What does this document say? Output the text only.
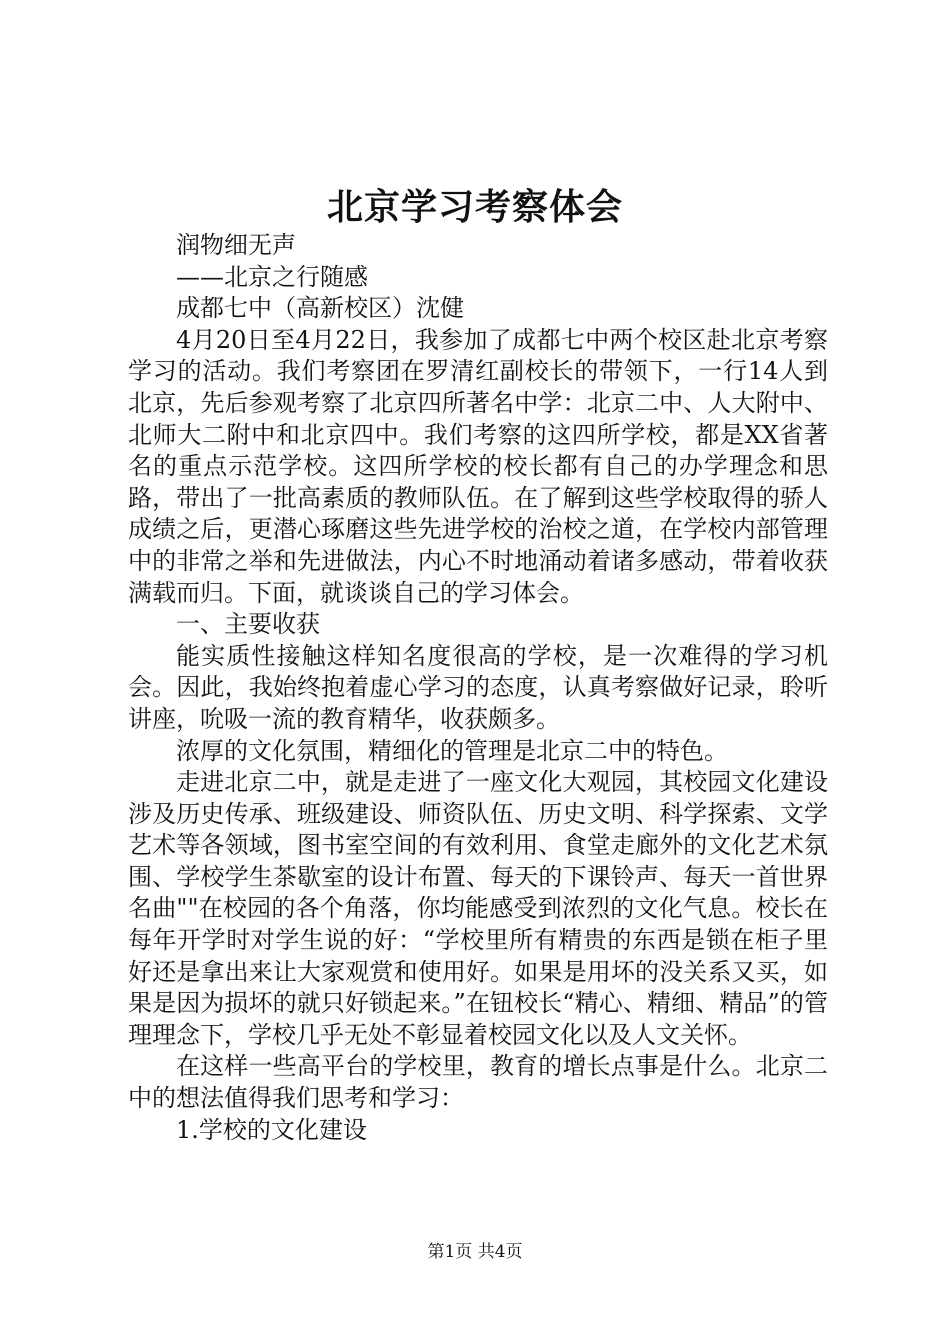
北京学习考察体会

润物细无声

——北京之行随感

成都七中（高新校区）沈健

4月20日至4月22日，我参加了成都七中两个校区赴北京考察学习的活动。我们考察团在罗清红副校长的带领下，一行14人到北京，先后参观考察了北京四所著名中学：北京二中、人大附中、北师大二附中和北京四中。我们考察的这四所学校，都是XX省著名的重点示范学校。这四所学校的校长都有自己的办学理念和思路，带出了一批高素质的教师队伍。在了解到这些学校取得的骄人成绩之后，更潜心琢磨这些先进学校的治校之道，在学校内部管理中的非常之举和先进做法，内心不时地涌动着诸多感动，带着收获满载而归。下面，就谈谈自己的学习体会。

一、主要收获

能实质性接触这样知名度很高的学校，是一次难得的学习机会。因此，我始终抱着虚心学习的态度，认真考察做好记录，聆听讲座，吮吸一流的教育精华，收获颇多。

浓厚的文化氛围，精细化的管理是北京二中的特色。

走进北京二中，就是走进了一座文化大观园，其校园文化建设涉及历史传承、班级建设、师资队伍、历史文明、科学探索、文学艺术等各领域，图书室空间的有效利用、食堂走廊外的文化艺术氛围、学校学生茶歇室的设计布置、每天的下课铃声、每天一首世界名曲""在校园的各个角落，你均能感受到浓烈的文化气息。校长在每年开学时对学生说的好：“学校里所有精贵的东西是锁在柜子里好还是拿出来让大家观赏和使用好。如果是用坏的没关系又买，如果是因为损坏的就只好锁起来。”在钮校长“精心、精细、精品”的管理理念下，学校几乎无处不彰显着校园文化以及人文关怀。

在这样一些高平台的学校里，教育的增长点事是什么。北京二中的想法值得我们思考和学习：

1.学校的文化建设

第1页 共4页
